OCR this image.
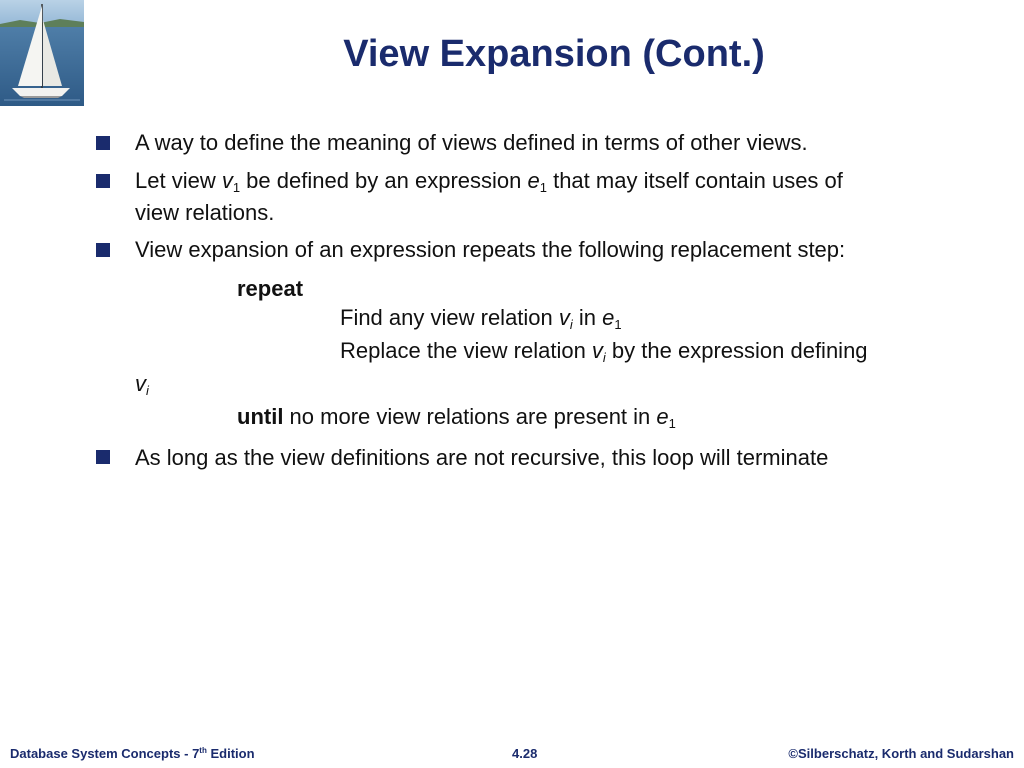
View Expansion (Cont.)
A way to define the meaning of views defined in terms of other views.
Let view $v_1$ be defined by an expression $e_1$ that may itself contain uses of
view relations.
View expansion of an expression repeats the following replacement step:
repeat
Find any view relation $v_i$ in $e_1$
Replace the view relation $v_i$ by the expression defining
$v_i$
until no more view relations are present in $e_1$
As long as the view definitions are not recursive, this loop will terminate
Database System Concepts - 7th Edition	4.28	©Silberschatz, Korth and Sudarshan
